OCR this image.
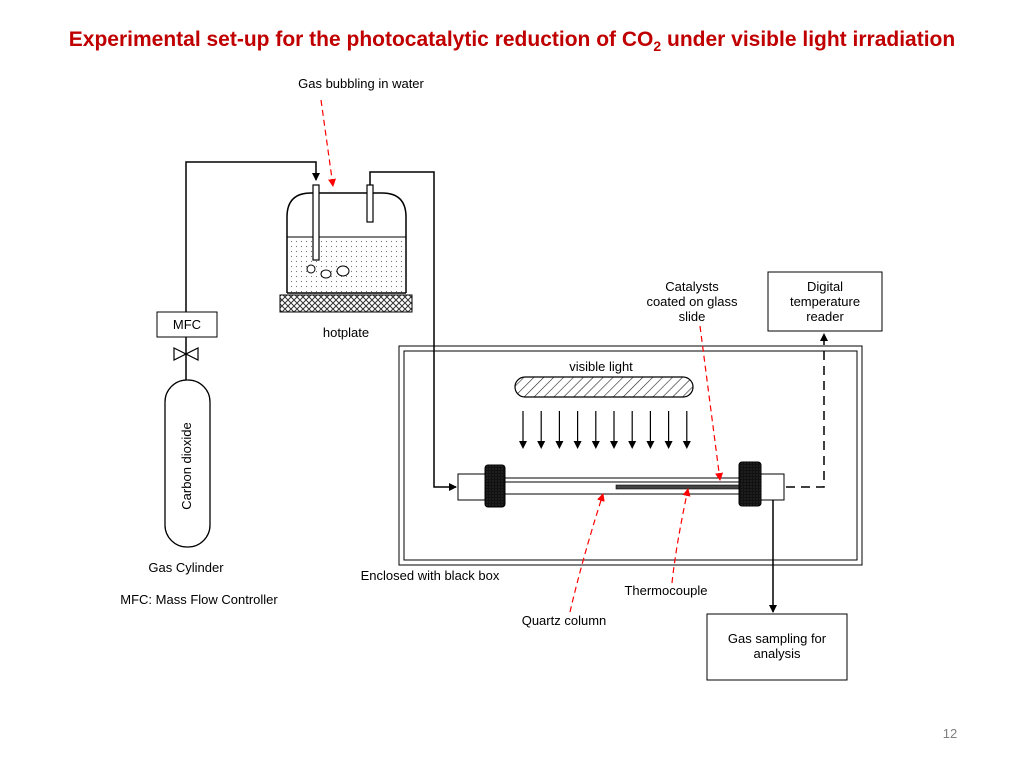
Experimental set-up for the photocatalytic reduction of $CO_2$ under visible light irradiation
Gas bubbling in water
hotplate
MFC
Carbon dioxide
Gas Cylinder
MFC: Mass Flow Controller
Enclosed with black box
visible light
Catalysts
coated on glass
slide
Digital
temperature
reader
Thermocouple
Quartz column
Gas sampling for
analysis
12
